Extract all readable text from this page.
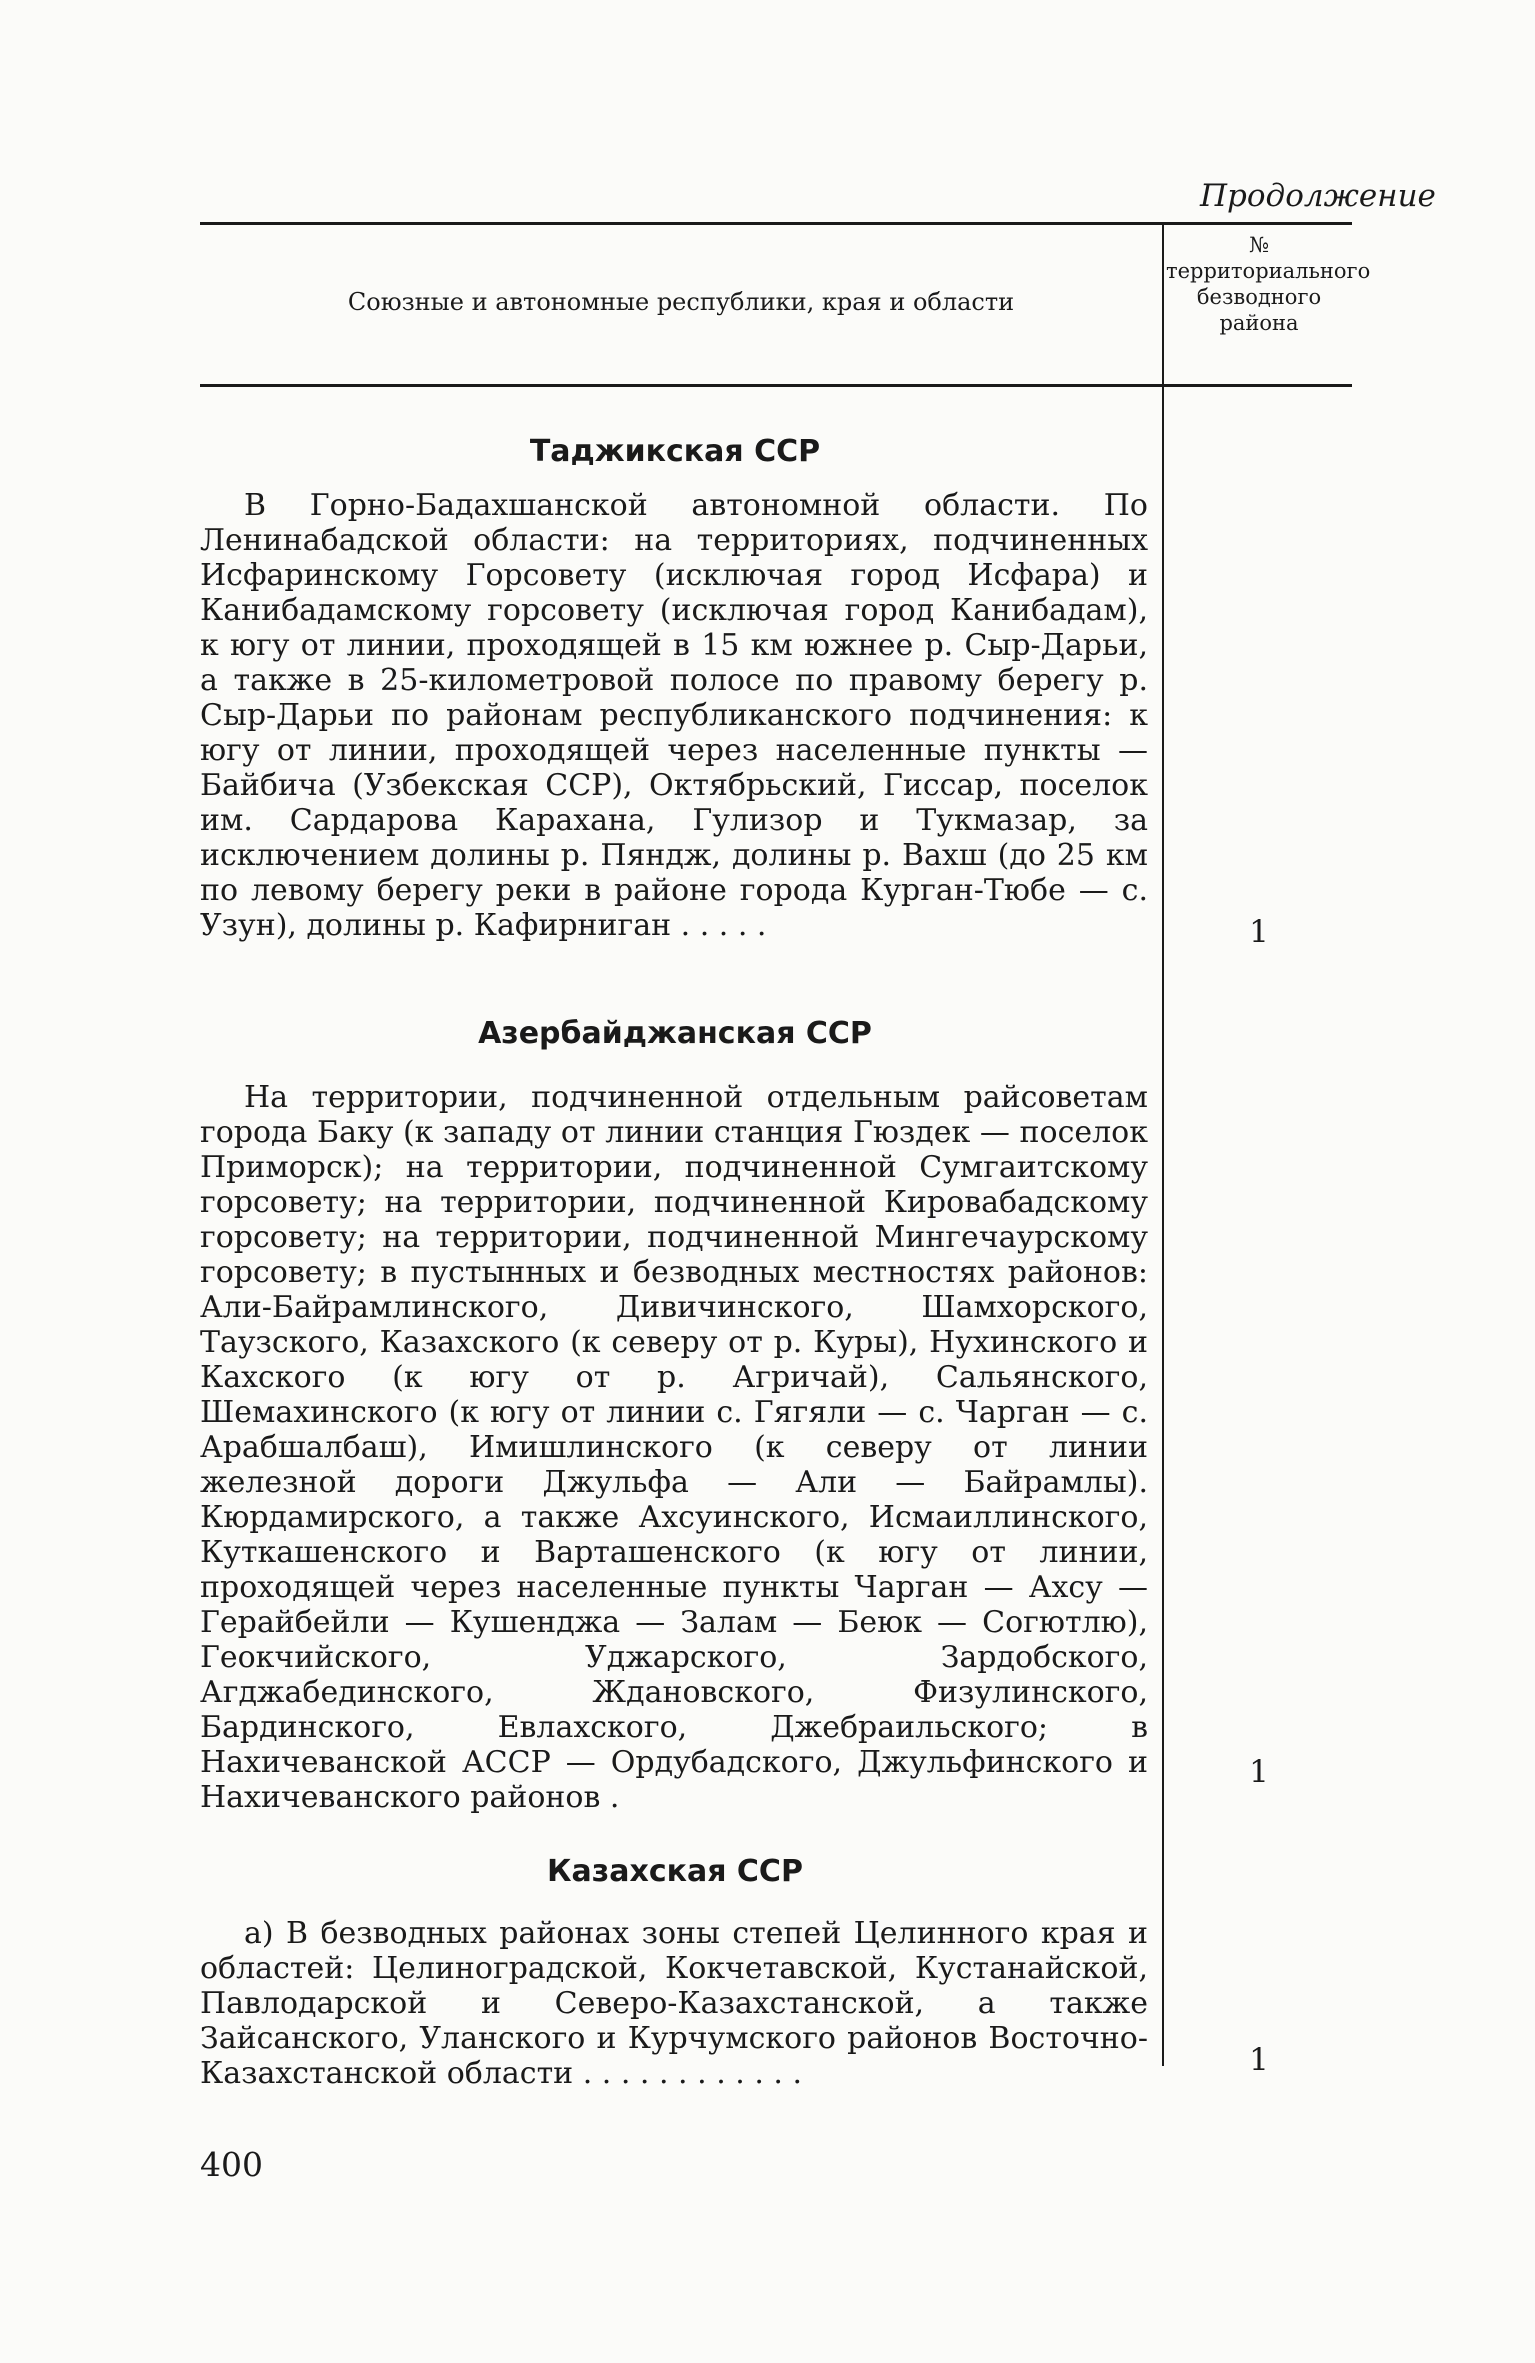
Продолжение
Союзные и автономные республики, края и области
№ территориального безводного района
Таджикская ССР

В Горно-Бадахшанской автономной области. По Ленинабадской области: на территориях, подчиненных Исфаринскому Горсовету (исключая город Исфара) и Канибадамскому горсовету (исключая город Канибадам), к югу от линии, проходящей в 15 км южнее р. Сыр-Дарьи, а также в 25-километровой полосе по правому берегу р. Сыр-Дарьи по районам республиканского подчинения: к югу от линии, проходящей через населенные пункты — Байбича (Узбекская ССР), Октябрьский, Гиссар, поселок им. Сардарова Карахана, Гулизор и Тукмазар, за исключением долины р. Пяндж, долины р. Вахш (до 25 км по левому берегу реки в районе города Курган-Тюбе — с. Узун), долины р. Кафирниган . . . . .	1
Азербайджанская ССР

На территории, подчиненной отдельным райсоветам города Баку (к западу от линии станция Гюздек — поселок Приморск); на территории, подчиненной Сумгаитскому горсовету; на территории, подчиненной Кировабадскому горсовету; на территории, подчиненной Мингечаурскому горсовету; в пустынных и безводных местностях районов: Али-Байрамлинского, Дивичинского, Шамхорского, Таузского, Казахского (к северу от р. Куры), Нухинского и Кахского (к югу от р. Агричай), Сальянского, Шемахинского (к югу от линии с. Гягяли — с. Чарган — с. Арабшалбаш), Имишлинского (к северу от линии железной дороги Джульфа — Али — Байрамлы). Кюрдамирского, а также Ахсуинского, Исмаиллинского, Куткашенского и Варташенского (к югу от линии, проходящей через населенные пункты Чарган — Ахсу — Герайбейли — Кушенджа — Залам — Беюк — Согютлю), Геокчийского, Уджарского, Зардобского, Агджабединского, Ждановского, Физулинского, Бардинского, Евлахского, Джебраильского; в Нахичеванской АССР — Ордубадского, Джульфинского и Нахичеванского районов .

1
Казахская ССР

а) В безводных районах зоны степей Целинного края и областей: Целиноградской, Кокчетавской, Кустанайской, Павлодарской и Северо-Казахстанской, а также Зайсанского, Уланского и Курчумского районов Восточно-Казахстанской области . . . . . . . . . . . .	1
400
